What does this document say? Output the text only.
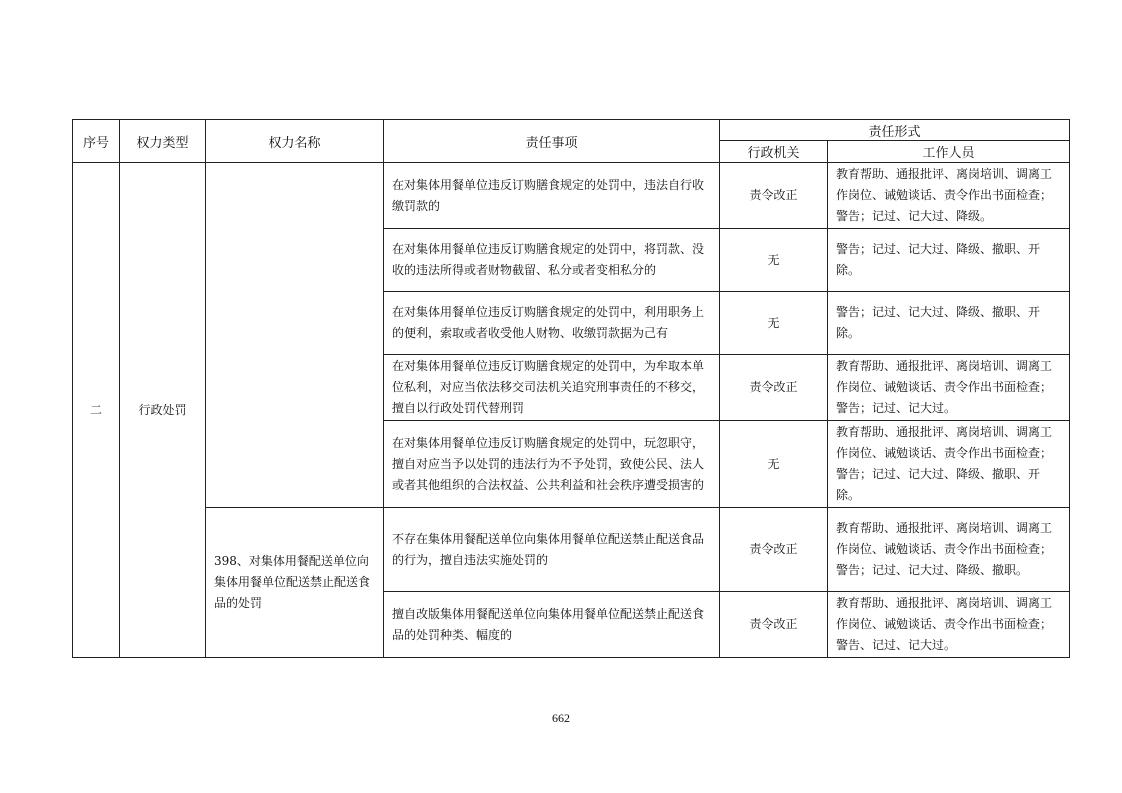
序号	权力类型	权力名称	责任事项	责任形式	
				行政机关	工作人员
二	行政处罚		在对集体用餐单位违反订购膳食规定的处罚中，违法自行收缴罚款的	责令改正	教育帮助、通报批评、离岗培训、调离工作岗位、诫勉谈话、责令作出书面检查；警告；记过、记大过、降级。
			在对集体用餐单位违反订购膳食规定的处罚中，将罚款、没收的违法所得或者财物截留、私分或者变相私分的	无	警告；记过、记大过、降级、撤职、开除。
			在对集体用餐单位违反订购膳食规定的处罚中，利用职务上的便利，索取或者收受他人财物、收缴罚款据为己有	无	警告；记过、记大过、降级、撤职、开除。
			在对集体用餐单位违反订购膳食规定的处罚中，为牟取本单位私利，对应当依法移交司法机关追究刑事责任的不移交，擅自以行政处罚代替刑罚	责令改正	教育帮助、通报批评、离岗培训、调离工作岗位、诫勉谈话、责令作出书面检查；警告；记过、记大过。
			在对集体用餐单位违反订购膳食规定的处罚中，玩忽职守，擅自对应当予以处罚的违法行为不予处罚，致使公民、法人或者其他组织的合法权益、公共利益和社会秩序遭受损害的	无	教育帮助、通报批评、离岗培训、调离工作岗位、诫勉谈话、责令作出书面检查；警告；记过、记大过、降级、撤职、开除。
		398、对集体用餐配送单位向集体用餐单位配送禁止配送食品的处罚	不存在集体用餐配送单位向集体用餐单位配送禁止配送食品的行为，擅自违法实施处罚的	责令改正	教育帮助、通报批评、离岗培训、调离工作岗位、诫勉谈话、责令作出书面检查；警告；记过、记大过、降级、撤职。
			擅自改版集体用餐配送单位向集体用餐单位配送禁止配送食品的处罚种类、幅度的	责令改正	教育帮助、通报批评、离岗培训、调离工作岗位、诫勉谈话、责令作出书面检查；警告、记过、记大过。
662
